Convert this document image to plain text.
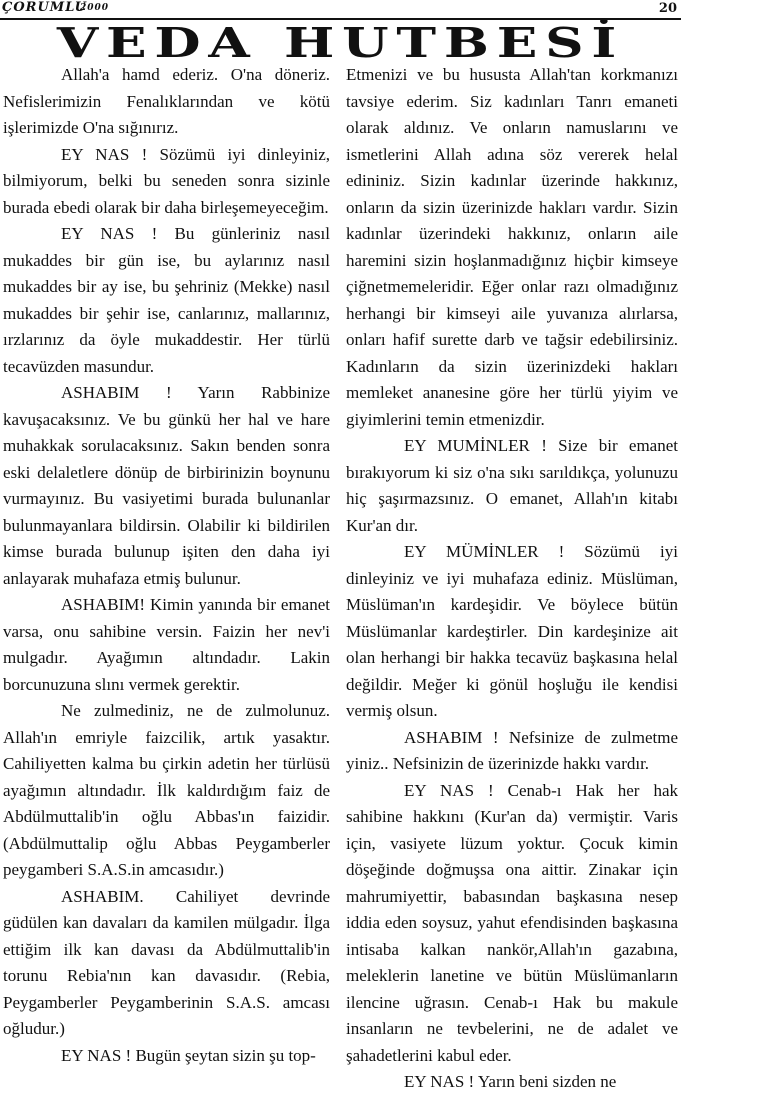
ÇORUMLU
2000	20
VEDA HUTBESİ

Allah'a hamd ederiz. O'na döneriz. Nefislerimizin Fenalıklarından ve kötü işlerimizde O'na sığınırız.

EY NAS ! Sözümü iyi dinleyiniz, bilmiyorum, belki bu seneden sonra sizinle burada ebedi olarak bir daha birleşemeyeceğim.

EY NAS ! Bu günleriniz nasıl mukaddes bir gün ise, bu aylarınız nasıl mukaddes bir ay ise, bu şehriniz (Mekke) nasıl mukaddes bir şehir ise, canlarınız, mallarınız, ırzlarınız da öyle mukaddestir. Her türlü tecavüzden masundur.

ASHABIM ! Yarın Rabbinize kavuşacaksınız. Ve bu günkü her hal ve hare muhakkak sorulacaksınız. Sakın benden sonra eski delaletlere dönüp de birbirinizin boynunu vurmayınız. Bu vasiyetimi burada bulunanlar bulunmayanlara bildirsin. Olabilir ki bildirilen kimse burada bulunup işiten den daha iyi anlayarak muhafaza etmiş bulunur.

ASHABIM! Kimin yanında bir emanet varsa, onu sahibine versin. Faizin her nev'i mulgadır. Ayağımın altındadır. Lakin borcunuzuna slını vermek gerektir.

Ne zulmediniz, ne de zulmolunuz. Allah'ın emriyle faizcilik, artık yasaktır. Cahiliyetten kalma bu çirkin adetin her türlüsü ayağımın altındadır. İlk kaldırdığım faiz de Abdülmuttalib'in oğlu Abbas'ın faizidir. (Abdülmuttalip oğlu Abbas Peygamberler peygamberi S.A.S.in amcasıdır.)

ASHABIM. Cahiliyet devrinde güdülen kan davaları da kamilen mülgadır. İlga ettiğim ilk kan davası da Abdülmuttalib'in torunu Rebia'nın kan davasıdır. (Rebia, Peygamberler Peygamberinin S.A.S. amcası oğludur.)

EY NAS ! Bugün şeytan sizin şu top-

Etmenizi ve bu hususta Allah'tan korkmanızı tavsiye ederim. Siz kadınları Tanrı emaneti olarak aldınız. Ve onların namuslarını ve ismetlerini Allah adına söz vererek helal edininiz. Sizin kadınlar üzerinde hakkınız, onların da sizin üzerinizde hakları vardır. Sizin kadınlar üzerindeki hakkınız, onların aile haremini sizin hoşlanmadığınız hiçbir kimseye çiğnetmemeleridir. Eğer onlar razı olmadığınız herhangi bir kimseyi aile yuvanıza alırlarsa, onları hafif surette darb ve tağsir edebilirsiniz. Kadınların da sizin üzerinizdeki hakları memleket ananesine göre her türlü yiyim ve giyimlerini temin etmenizdir.

EY MUMİNLER ! Size bir emanet bırakıyorum ki siz o'na sıkı sarıldıkça, yolunuzu hiç şaşırmazsınız. O emanet, Allah'ın kitabı Kur'an dır.

EY MÜMİNLER ! Sözümü iyi dinleyiniz ve iyi muhafaza ediniz. Müslüman, Müslüman'ın kardeşidir. Ve böylece bütün Müslümanlar kardeştirler. Din kardeşinize ait olan herhangi bir hakka tecavüz başkasına helal değildir. Meğer ki gönül hoşluğu ile kendisi vermiş olsun.

ASHABIM ! Nefsinize de zulmetme yiniz.. Nefsinizin de üzerinizde hakkı vardır.

EY NAS ! Cenab-ı Hak her hak sahibine hakkını (Kur'an da) vermiştir. Varis için, vasiyete lüzum yoktur. Çocuk kimin döşeğinde doğmuşsa ona aittir. Zinakar için mahrumiyettir, babasından başkasına nesep iddia eden soysuz, yahut efendisinden başkasına intisaba kalkan nankör,Allah'ın gazabına, meleklerin lanetine ve bütün Müslümanların ilencine uğrasın. Cenab-ı Hak bu makule insanların ne tevbelerini, ne de adalet ve şahadetlerini kabul eder.

EY NAS ! Yarın beni sizden ne
